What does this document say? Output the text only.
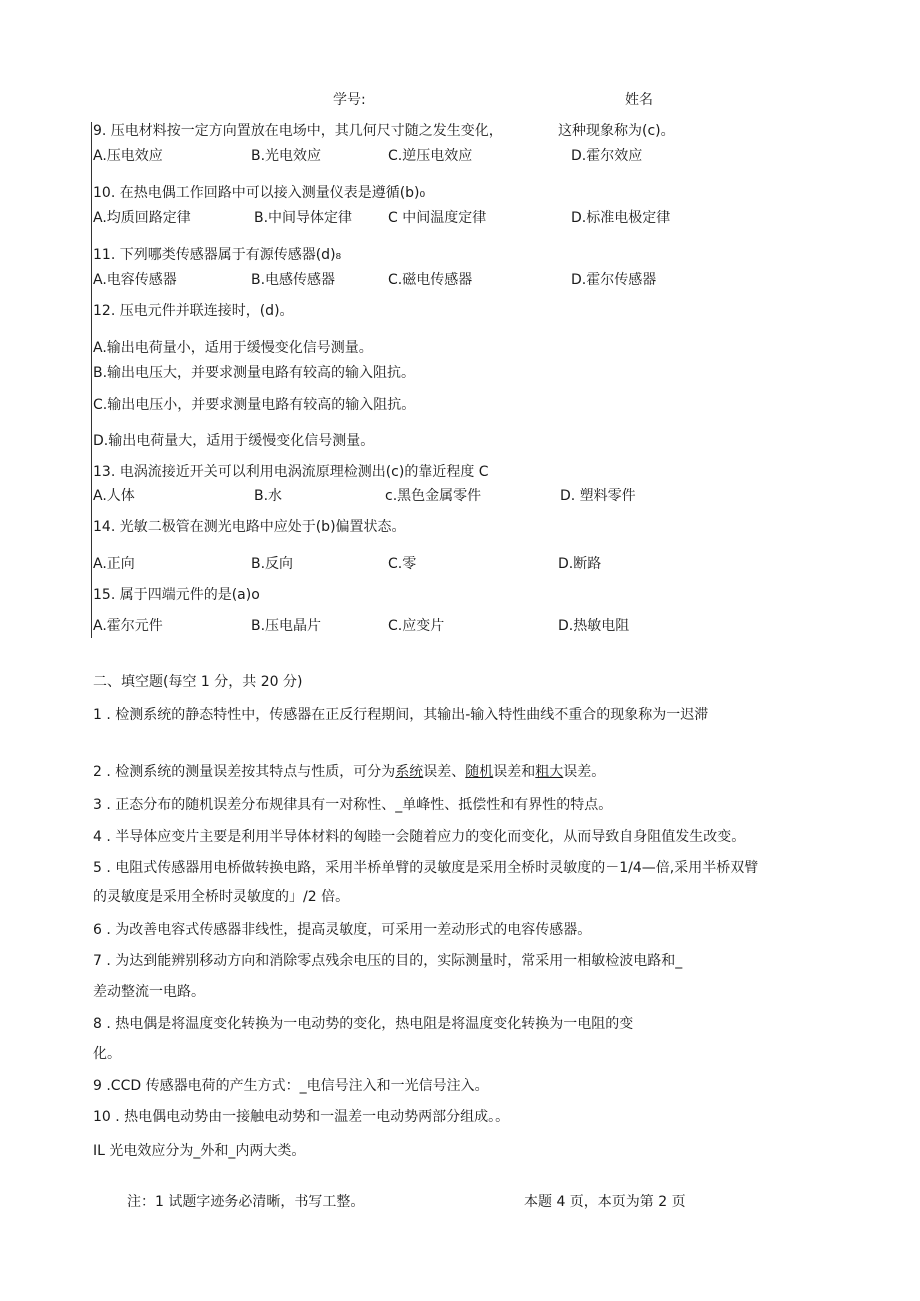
学号:	姓名
9. 压电材料按一定方向置放在电场中，其几何尺寸随之发生变化，	这种现象称为(c)。
A.压电效应	B.光电效应	C.逆压电效应	D.霍尔效应
10. 在热电偶工作回路中可以接入测量仪表是遵循(b)₀
A.均质回路定律	B.中间导体定律	C 中间温度定律	D.标准电极定律
11. 下列哪类传感器属于有源传感器(d)₈
A.电容传感器	B.电感传感器	C.磁电传感器	D.霍尔传感器
12. 压电元件并联连接时，(d)。
A.输出电荷量小，适用于缓慢变化信号测量。
B.输出电压大，并要求测量电路有较高的输入阻抗。
C.输出电压小，并要求测量电路有较高的输入阻抗。
D.输出电荷量大，适用于缓慢变化信号测量。
13. 电涡流接近开关可以利用电涡流原理检测出(c)的靠近程度 C
A.人体	B.水	c.黑色金属零件	D. 塑料零件
14. 光敏二极管在测光电路中应处于(b)偏置状态。
A.正向	B.反向	C.零	D.断路
15. 属于四端元件的是(a)o
A.霍尔元件	B.压电晶片	C.应变片	D.热敏电阻
二、填空题(每空 1 分，共 20 分)
1 . 检测系统的静态特性中，传感器在正反行程期间，其输出-输入特性曲线不重合的现象称为一迟滞
2 . 检测系统的测量误差按其特点与性质，可分为系统误差、随机误差和粗大误差。
3 . 正态分布的随机误差分布规律具有一对称性、_单峰性、抵偿性和有界性的特点。
4 . 半导体应变片主要是利用半导体材料的匈睦一会随着应力的变化而变化，从而导致自身阻值发生改变。
5 . 电阻式传感器用电桥做转换电路，采用半桥单臂的灵敏度是采用全桥时灵敏度的－1/4—倍,采用半桥双臂
的灵敏度是采用全桥时灵敏度的」/2 倍。
6 . 为改善电容式传感器非线性，提高灵敏度，可采用一差动形式的电容传感器。
7 . 为达到能辨别移动方向和消除零点残余电压的目的，实际测量时，常采用一相敏检波电路和_
差动整流一电路。
8 . 热电偶是将温度变化转换为一电动势的变化，热电阻是将温度变化转换为一电阻的变
化。
9 .CCD 传感器电荷的产生方式：_电信号注入和一光信号注入。
10 . 热电偶电动势由一接触电动势和一温差一电动势两部分组成。。
IL 光电效应分为_外和_内两大类。
注：1 试题字迹务必清晰，书写工整。	本题 4 页，本页为第 2 页
